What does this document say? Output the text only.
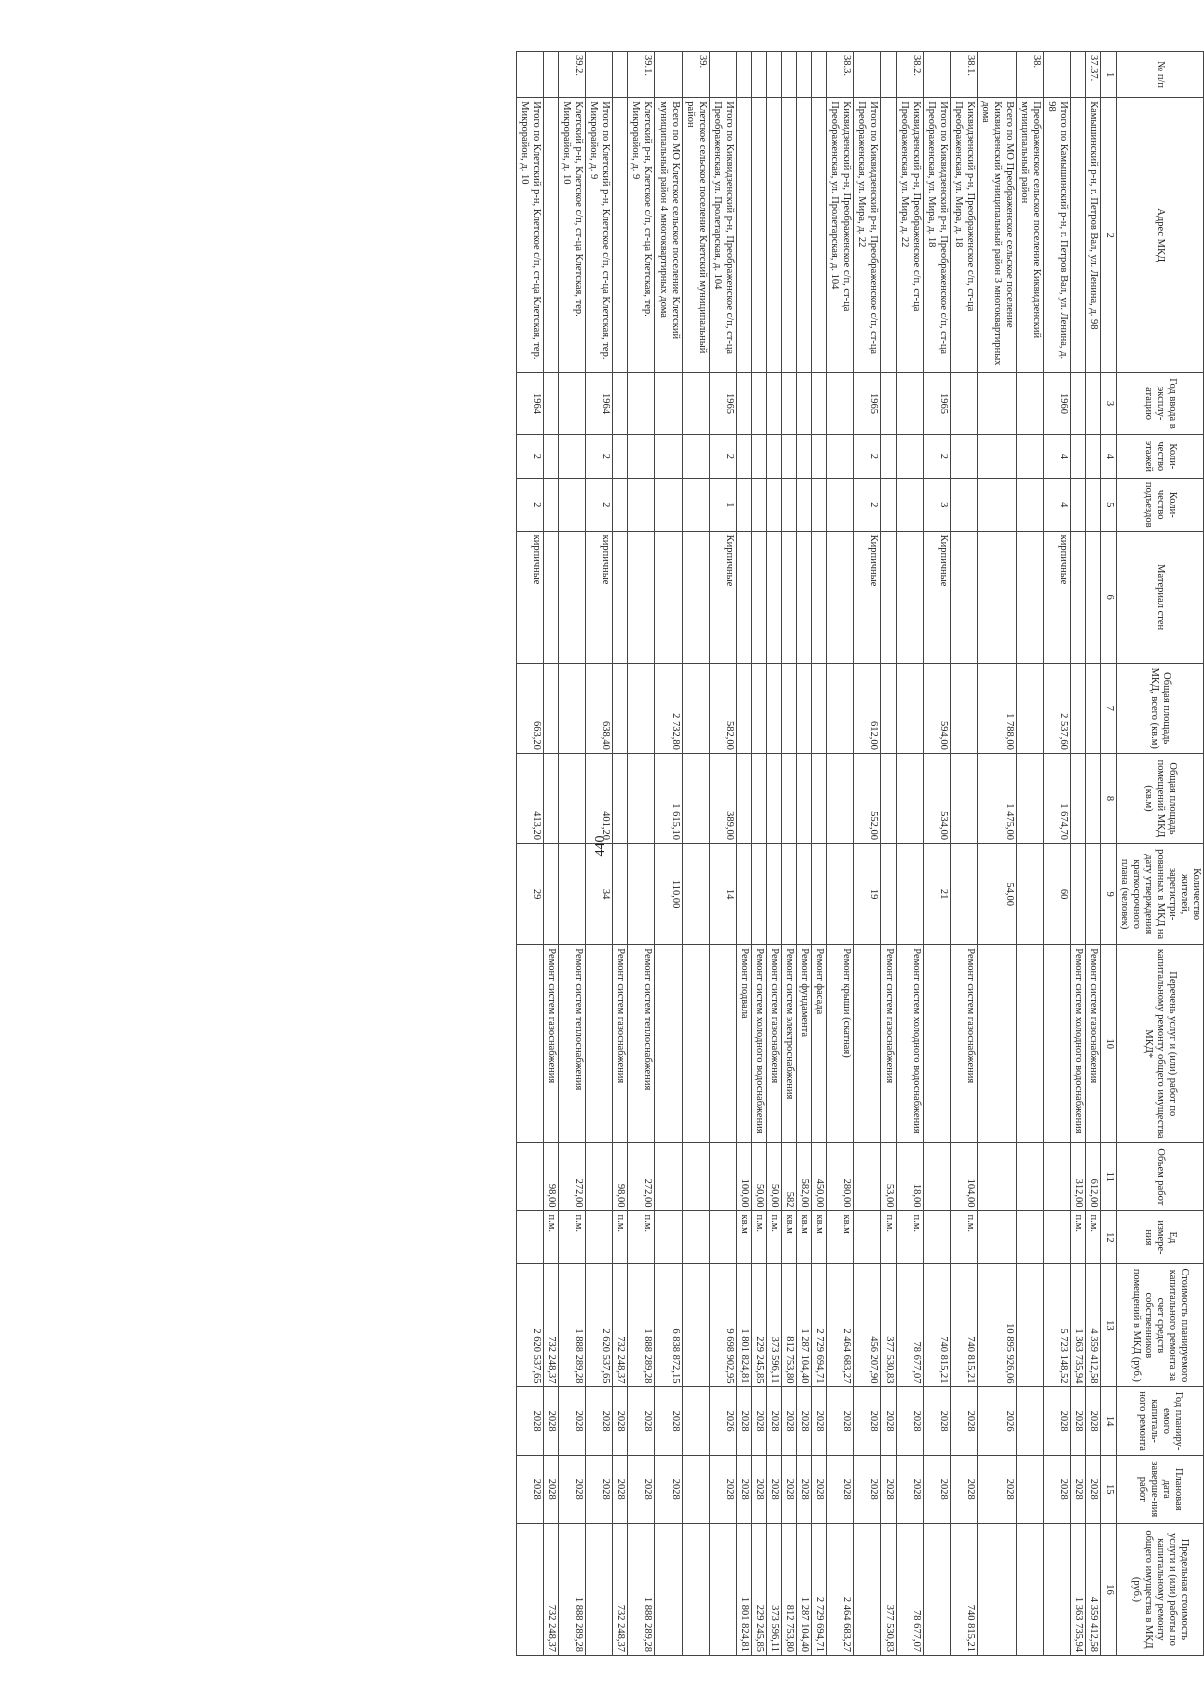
440
№ п/п	Адрес МКД	Год ввода в эксплу-атацию	Коли-чество этажей	Коли-чество подъездов	Материал стен	Общая площадь МКД, всего (кв.м)	Общая площадь помещений МКД (кв.м)	Количество жителей, зарегистри-рованных в МКД на дату утверждения краткосрочного плана (человек)	Перечень услуг и (или) работ по капитальному ремонту общего имущества МКД*	Объем работ	Ед измере-ния	Стоимость планируемого капитального ремонта за счет средств собственников помещений в МКД (руб.)	Год планиру-емого капиталь-ного ремонта	Плановая дата заверше-ния работ	Предельная стоимость услуги и (или) работы по капитальному ремонту общего имущества в МКД (руб.)
1	2	3	4	5	6	7	8	9	10	11	12	13	14	15	16
37.37.	Камышинский р-н, г. Петров Вал, ул. Ленина, д. 98								Ремонт систем газоснабжения	612,00	п.м.	4 359 412,58	2028	2028	4 359 412,58
									Ремонт систем холодного водоснабжения	312,00	п.м.	1 363 735,94	2028	2028	1 363 735,94
	Итого по Камышинский р-н, г. Петров Вал, ул. Ленина, д. 98	1960	4	4	кирпичные	2 537,60	1 674,70	60				5 723 148,52	2028	2028	
38.	Преображенское сельское поселение Киквидзенский муниципальный район														
	Всего по МО Преображенское сельское поселение Киквидзенский муниципальный район 3 многоквартирных дома					1 788,00	1 475,00	54,00				10 895 926,06	2026	2028	
38.1.	Киквидзенский р-н, Преображенское с/п, ст-ца Преображенская, ул. Мира, д. 18								Ремонт систем газоснабжения	104,00	п.м.	740 815,21	2028	2028	740 815,21
	Итого по Киквидзенский р-н, Преображенское с/п, ст-ца Преображенская, ул. Мира, д. 18	1965	2	3	Кирпичные	594,00	534,00	21				740 815,21	2028	2028	
38.2.	Киквидзенский р-н, Преображенское с/п, ст-ца Преображенская, ул. Мира, д. 22								Ремонт систем холодного водоснабжения	18,00	п.м.	78 677,07	2028	2028	78 677,07
									Ремонт систем газоснабжения	53,00	п.м.	377 530,83	2028	2028	377 530,83
	Итого по Киквидзенский р-н, Преображенское с/п, ст-ца Преображенская, ул. Мира, д. 22	1965	2	2	Кирпичные	612,00	552,00	19				456 207,90	2028	2028	
38.3.	Киквидзенский р-н, Преображенское с/п, ст-ца Преображенская, ул. Пролетарская, д. 104								Ремонт крыши (скатная)	280,00	кв.м	2 464 683,27	2028	2028	2 464 683,27
									Ремонт фасада	450,00	кв.м	2 729 694,71	2028	2028	2 729 694,71
									Ремонт фундамента	582,00	кв.м	1 287 104,40	2028	2028	1 287 104,40
									Ремонт систем электроснабжения	582	кв.м	812 753,80	2028	2028	812 753,80
									Ремонт систем газоснабжения	50,00	п.м.	373 596,11	2028	2028	373 596,11
									Ремонт систем холодного водоснабжения	50,00	п.м.	229 245,85	2028	2028	229 245,85
									Ремонт подвала	100,00	кв.м	1 801 824,81	2028	2028	1 801 824,81
	Итого по Киквидзенский р-н, Преображенское с/п, ст-ца Преображенская, ул. Пролетарская, д. 104	1965	2	1	Кирпичные	582,00	389,00	14				9 698 902,95	2026	2028	
39.	Клетское сельское поселение Клетский муниципальный район														
	Всего по МО Клетское сельское поселение Клетский муниципальный район 4 многоквартирных дома					2 732,80	1 615,10	110,00				6 838 872,15	2028	2028	
39.1.	Клетский р-н, Клетское с/п, ст-ца Клетская, тер. Микрорайон, д. 9								Ремонт систем теплоснабжения	272,00	п.м.	1 888 289,28	2028	2028	1 888 289,28
									Ремонт систем газоснабжения	98,00	п.м.	732 248,37	2028	2028	732 248,37
	Итого по Клетский р-н, Клетское с/п, ст-ца Клетская, тер. Микрорайон, д. 9	1964	2	2	кирпичные	638,40	401,20	34				2 620 537,65	2028	2028	
39.2.	Клетский р-н, Клетское с/п, ст-ца Клетская, тер. Микрорайон, д. 10								Ремонт систем теплоснабжения	272,00	п.м.	1 888 289,28	2028	2028	1 888 289,28
									Ремонт систем газоснабжения	98,00	п.м.	732 248,37	2028	2028	732 248,37
	Итого по Клетский р-н, Клетское с/п, ст-ца Клетская, тер. Микрорайон, д. 10	1964	2	2	кирпичные	663,20	413,20	29				2 620 537,65	2028	2028	
